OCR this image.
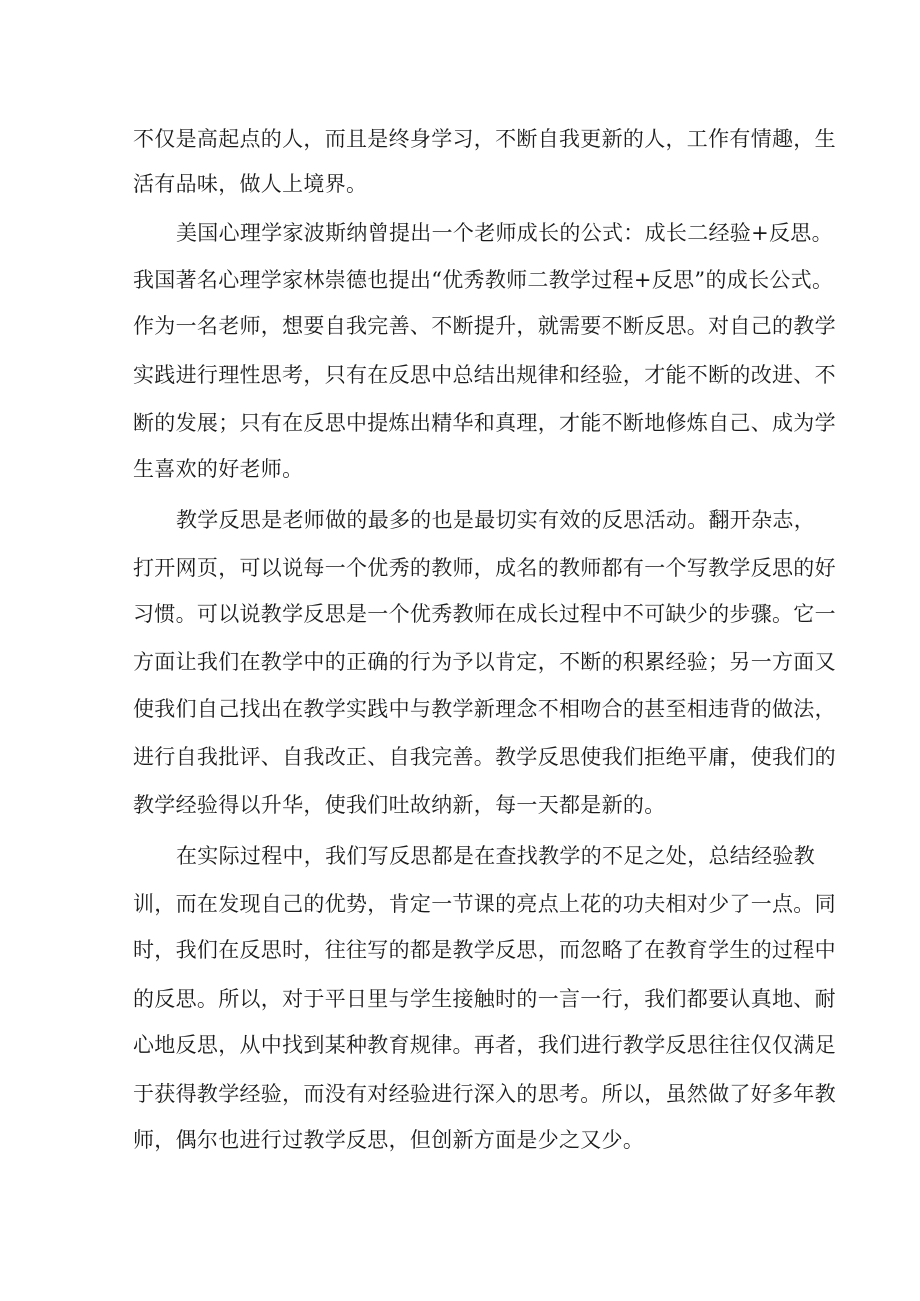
不仅是高起点的人，而且是终身学习，不断自我更新的人，工作有情趣，生
活有品味，做人上境界。
美国心理学家波斯纳曾提出一个老师成长的公式：成长二经验+反思。
我国著名心理学家林崇德也提出“优秀教师二教学过程+反思”的成长公式。
作为一名老师，想要自我完善、不断提升，就需要不断反思。对自己的教学
实践进行理性思考，只有在反思中总结出规律和经验，才能不断的改进、不
断的发展；只有在反思中提炼出精华和真理，才能不断地修炼自己、成为学
生喜欢的好老师。
教学反思是老师做的最多的也是最切实有效的反思活动。翻开杂志，
打开网页，可以说每一个优秀的教师，成名的教师都有一个写教学反思的好
习惯。可以说教学反思是一个优秀教师在成长过程中不可缺少的步骤。它一
方面让我们在教学中的正确的行为予以肯定，不断的积累经验；另一方面又
使我们自己找出在教学实践中与教学新理念不相吻合的甚至相违背的做法，
进行自我批评、自我改正、自我完善。教学反思使我们拒绝平庸，使我们的
教学经验得以升华，使我们吐故纳新，每一天都是新的。
在实际过程中，我们写反思都是在查找教学的不足之处，总结经验教
训，而在发现自己的优势，肯定一节课的亮点上花的功夫相对少了一点。同
时，我们在反思时，往往写的都是教学反思，而忽略了在教育学生的过程中
的反思。所以，对于平日里与学生接触时的一言一行，我们都要认真地、耐
心地反思，从中找到某种教育规律。再者，我们进行教学反思往往仅仅满足
于获得教学经验，而没有对经验进行深入的思考。所以，虽然做了好多年教
师，偶尔也进行过教学反思，但创新方面是少之又少。
